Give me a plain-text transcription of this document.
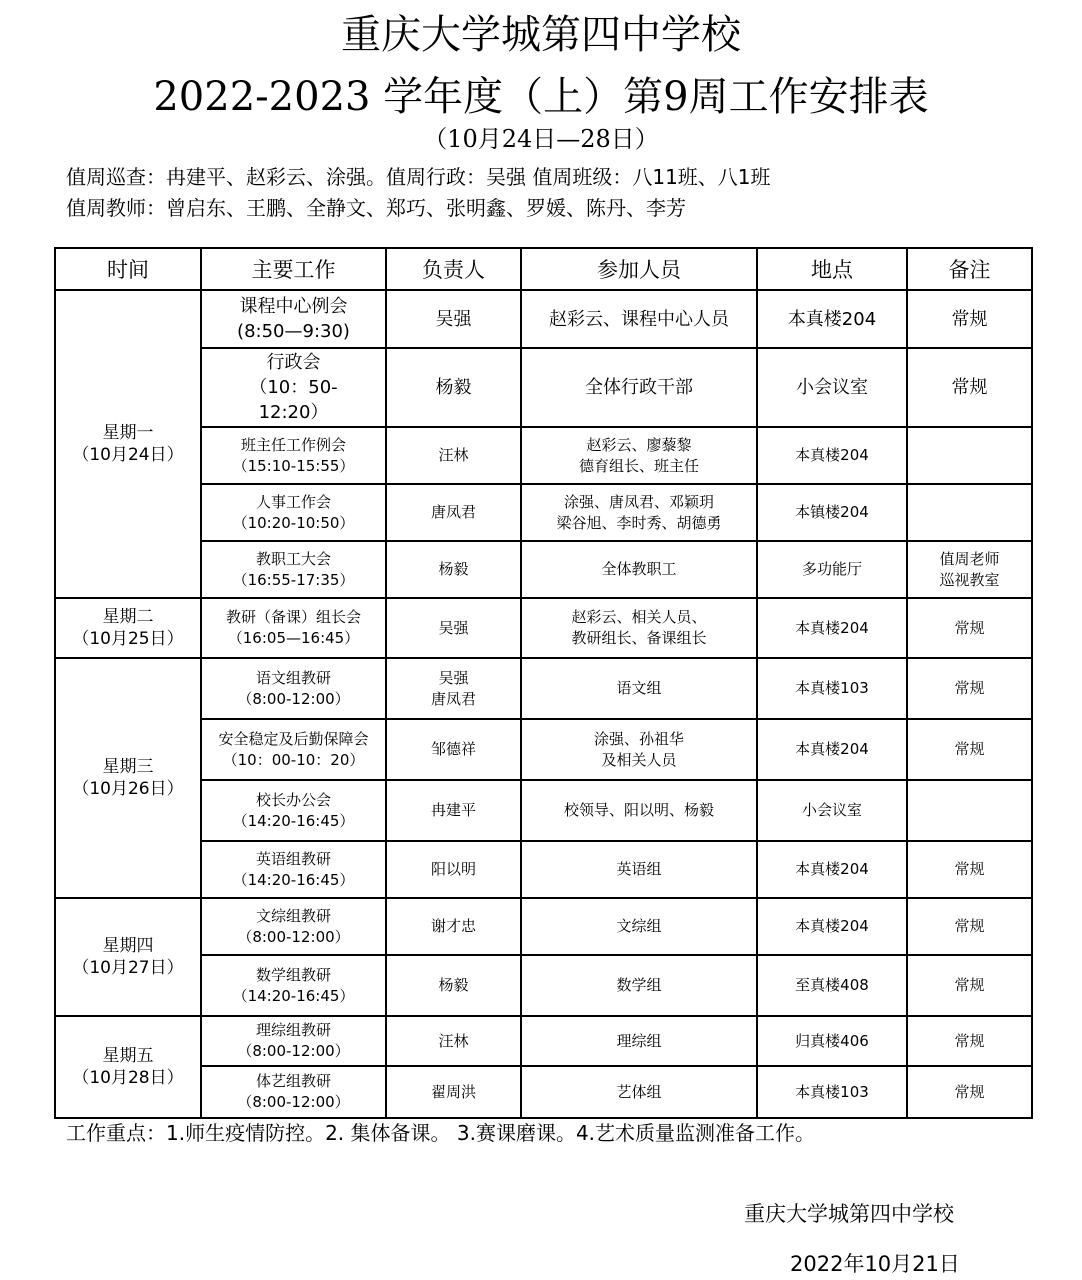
重庆大学城第四中学校
2022-2023 学年度（上）第9周工作安排表
（10月24日—28日）
值周巡查：冉建平、赵彩云、涂强。值周行政：吴强 值周班级：八11班、八1班
值周教师：曾启东、王鹏、全静文、郑巧、张明鑫、罗媛、陈丹、李芳
时间	主要工作	负责人	参加人员	地点	备注

星期一
（10月24日）	课程中心例会
(8:50—9:30)	吴强	赵彩云、课程中心人员	本真楼204	常规

	行政会
（10：50-
12:20）	杨毅	全体行政干部	小会议室	常规

	班主任工作例会
（15:10-15:55）	汪林	赵彩云、廖藜黎
德育组长、班主任	本真楼204	

	人事工作会
（10:20-10:50）	唐凤君	涂强、唐凤君、邓颖玥
梁谷旭、李时秀、胡德勇	本镇楼204	

	教职工大会
（16:55-17:35）	杨毅	全体教职工	多功能厅	值周老师
巡视教室

星期二
（10月25日）	教研（备课）组长会
（16:05—16:45）	吴强	赵彩云、相关人员、
教研组长、备课组长	本真楼204	常规

星期三
（10月26日）	语文组教研
（8:00-12:00）	吴强
唐凤君	语文组	本真楼103	常规

	安全稳定及后勤保障会
（10：00-10：20）	邹德祥	涂强、孙祖华
及相关人员	本真楼204	常规

	校长办公会
（14:20-16:45）	冉建平	校领导、阳以明、杨毅	小会议室	

	英语组教研
（14:20-16:45）	阳以明	英语组	本真楼204	常规

星期四
（10月27日）	文综组教研
（8:00-12:00）	谢才忠	文综组	本真楼204	常规

	数学组教研
（14:20-16:45）	杨毅	数学组	至真楼408	常规

星期五
（10月28日）	理综组教研
（8:00-12:00）	汪林	理综组	归真楼406	常规

	体艺组教研
（8:00-12:00）	翟周洪	艺体组	本真楼103	常规
工作重点：1.师生疫情防控。2. 集体备课。 3.赛课磨课。4.艺术质量监测准备工作。
重庆大学城第四中学校
2022年10月21日
